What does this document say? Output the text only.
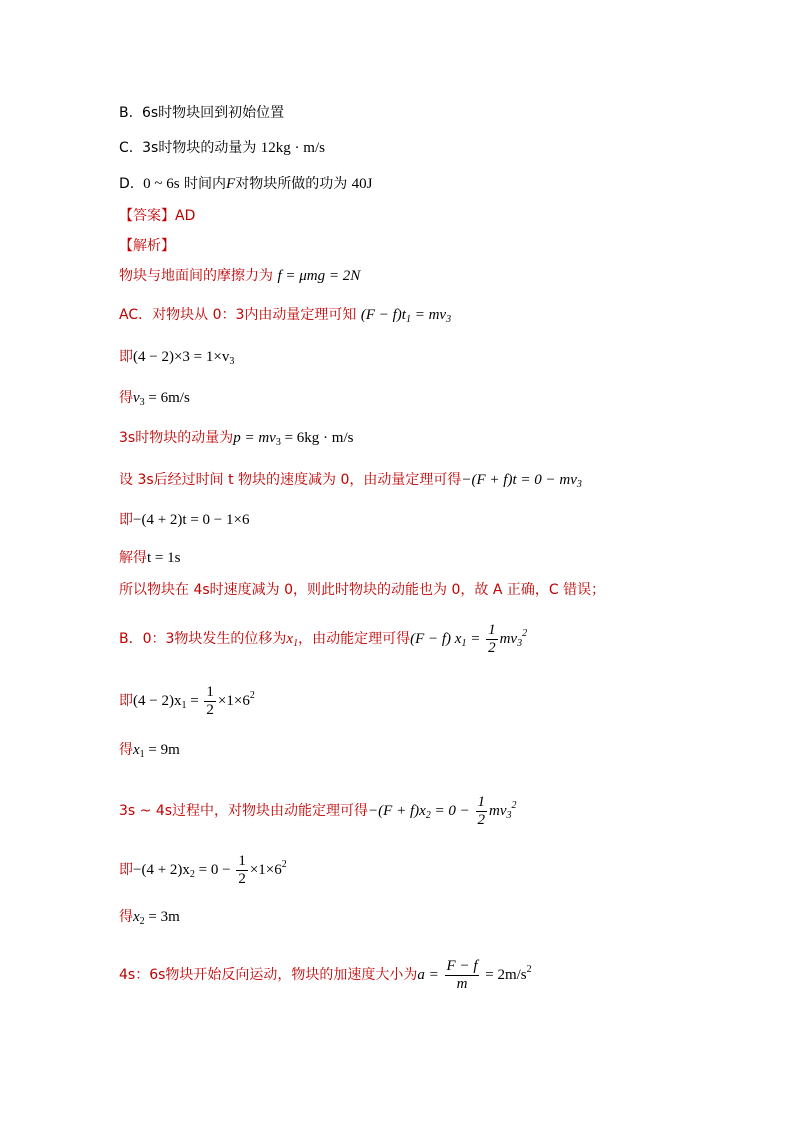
B. 6s时物块回到初始位置
C. 3s时物块的动量为 12kg · m/s
D. 0 ~ 6s 时间内F对物块所做的功为 40J
【答案】AD
【解析】
物块与地面间的摩擦力为 f = μmg = 2N
AC．对物块从 0：3内由动量定理可知 $(F - f)t_1 = mv_3$
即$(4 - 2)\times 3 = 1\times v_3$
得$v_3 = 6m/s$
3s时物块的动量为$p = mv_3 = 6kg \cdot m/s$
设 3s后经过时间 t 物块的速度减为 0，由动量定理可得$-(F + f)t = 0 - mv_3$
即−(4 + 2)t = 0 − 1×6
解得t = 1s
所以物块在 4s时速度减为 0，则此时物块的动能也为 0，故 A 正确，C 错误；
B．0：3物块发生的位移为$x_1$，由动能定理可得(F − f) $x_1 = \frac{1}{2} mv_3^2$
即$(4 - 2)x_1 = \frac{1}{2} \times 1\times 6^2$
得$x_1 = 9m$
3s ~ 4s过程中，对物块由动能定理可得$-(F + f)x_2 = 0 - \frac{1}{2} mv_3^2$
即$-(4 + 2)x_2 = 0 - \frac{1}{2} \times 1\times 6^2$
得$x_2 = 3m$
4s：6s物块开始反向运动，物块的加速度大小为$a = \frac{F - f}{m} = 2m/s^2$
